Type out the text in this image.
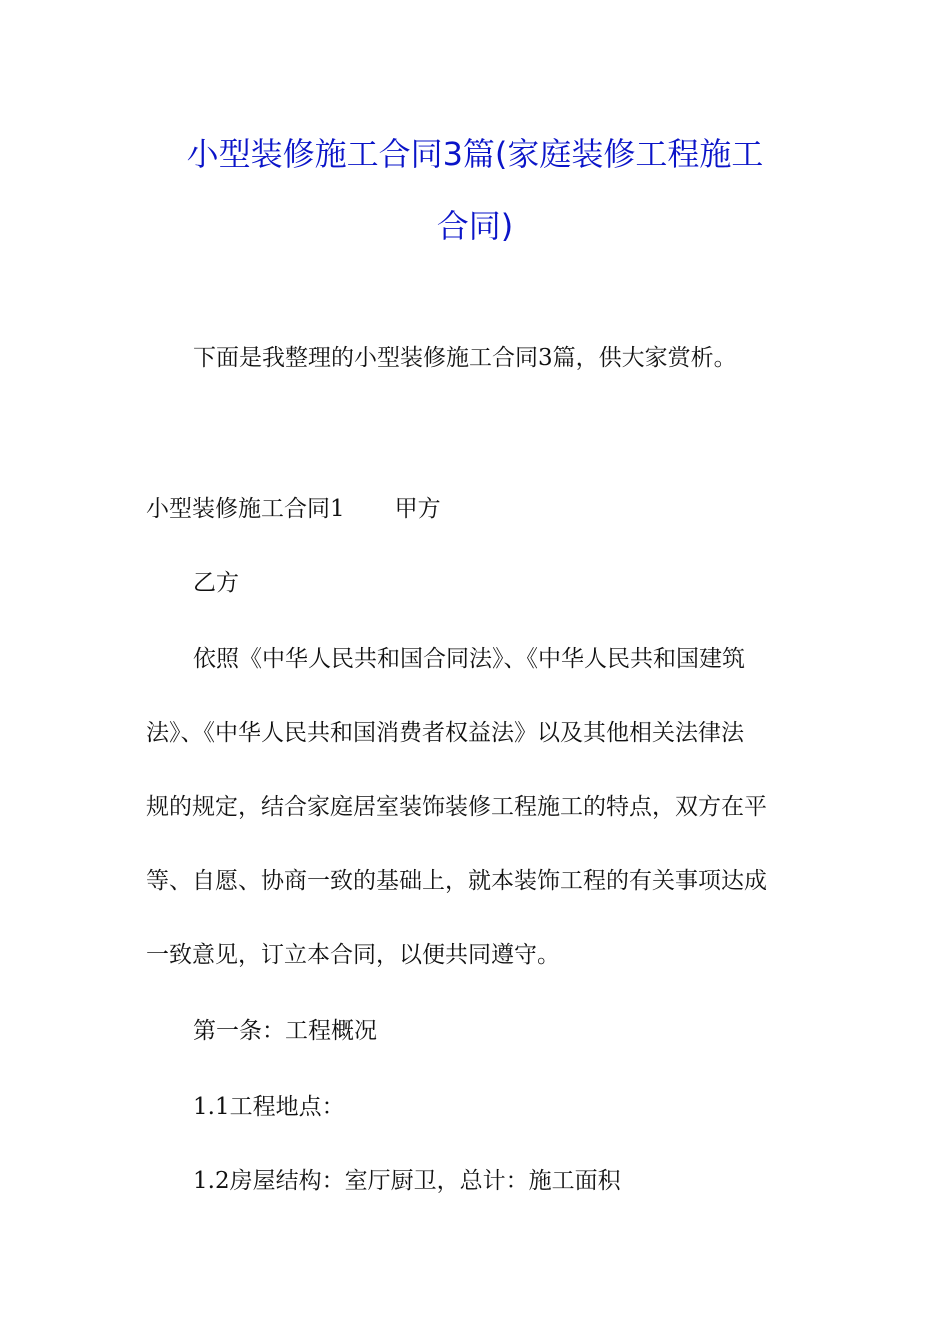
小型装修施工合同3篇(家庭装修工程施工
合同)
下面是我整理的小型装修施工合同3篇，供大家赏析。
小型装修施工合同1 甲方
乙方
依照《中华人民共和国合同法》、《中华人民共和国建筑
法》、《中华人民共和国消费者权益法》以及其他相关法律法
规的规定，结合家庭居室装饰装修工程施工的特点，双方在平
等、自愿、协商一致的基础上，就本装饰工程的有关事项达成
一致意见，订立本合同，以便共同遵守。
第一条：工程概况
1.1工程地点：
1.2房屋结构：室厅厨卫，总计：施工面积
